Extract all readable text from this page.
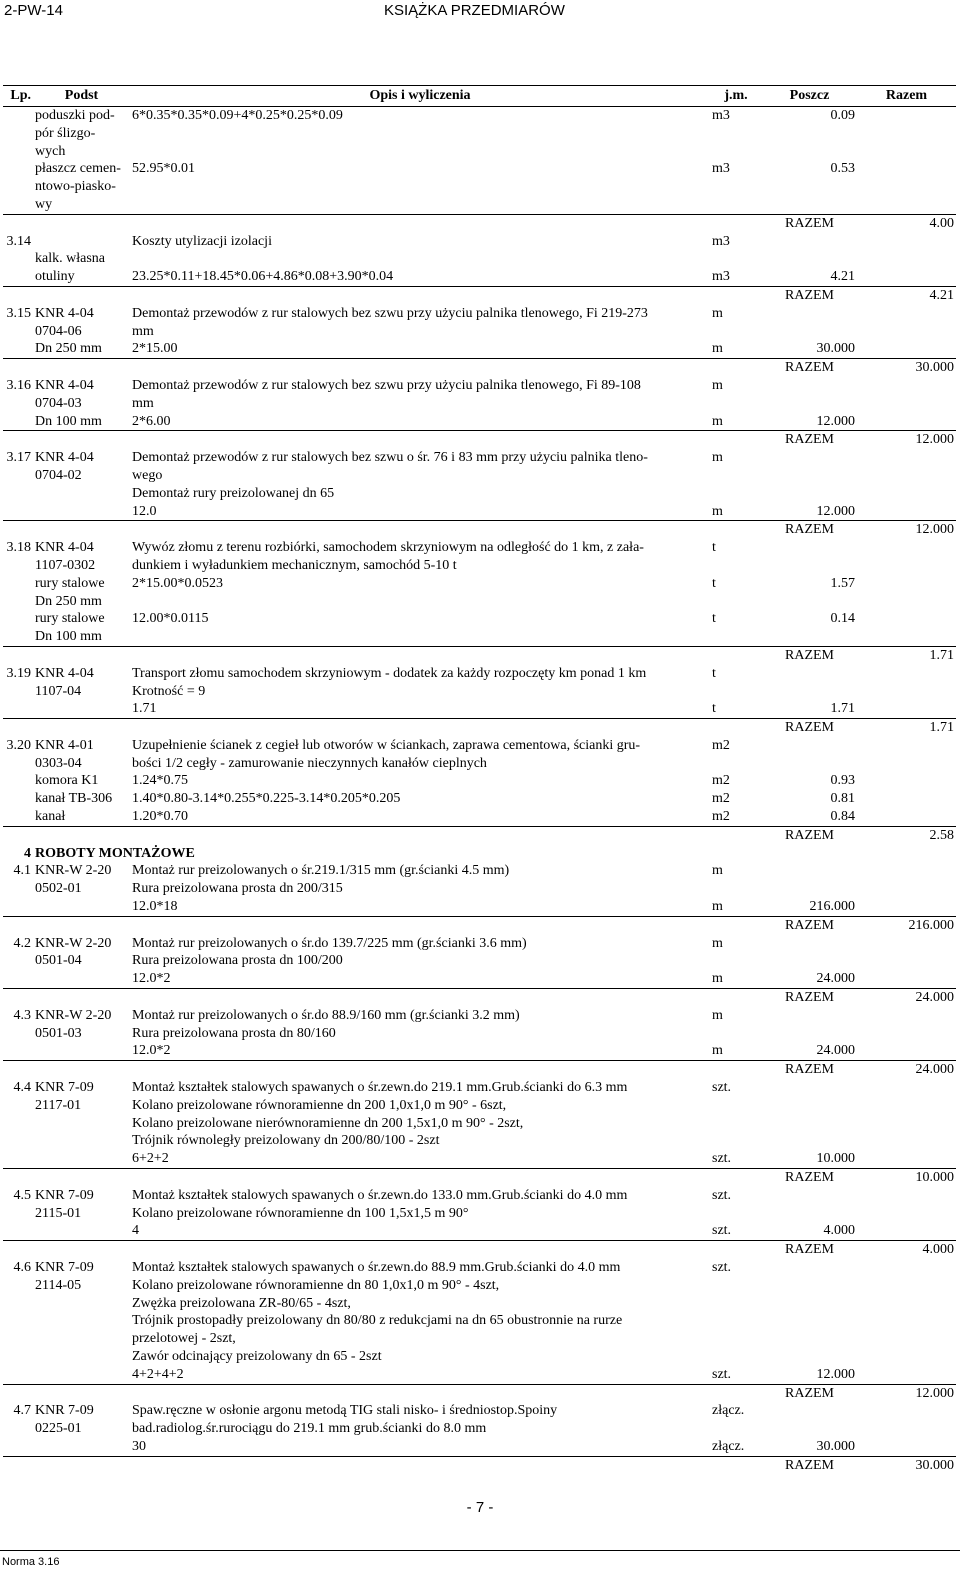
2-PW-14	KSIĄŻKA PRZEDMIARÓW
Lp.	Podst	Opis i wyliczenia	j.m.	Poszcz	Razem
	poduszki pod-	6*0.35*0.35*0.09+4*0.25*0.25*0.09	m3	0.09	
	pór ślizgo-				
	wych				
	płaszcz cemen-	52.95*0.01	m3	0.53	
	ntowo-piasko-				
	wy				
				RAZEM	4.00
3.14		Koszty utylizacji izolacji	m3		
	kalk. własna				
	otuliny	23.25*0.11+18.45*0.06+4.86*0.08+3.90*0.04	m3	4.21	
				RAZEM	4.21
3.15	KNR 4-04	Demontaż przewodów z rur stalowych bez szwu przy użyciu palnika tlenowego, Fi 219-273	m		
	0704-06	mm			
	Dn 250 mm	2*15.00	m	30.000	
				RAZEM	30.000
3.16	KNR 4-04	Demontaż przewodów z rur stalowych bez szwu przy użyciu palnika tlenowego, Fi 89-108	m		
	0704-03	mm			
	Dn 100 mm	2*6.00	m	12.000	
				RAZEM	12.000
3.17	KNR 4-04	Demontaż przewodów z rur stalowych bez szwu o śr. 76 i 83 mm przy użyciu palnika tleno-	m		
	0704-02	wego			
		Demontaż rury preizolowanej dn 65			
		12.0	m	12.000	
				RAZEM	12.000
3.18	KNR 4-04	Wywóz złomu z terenu rozbiórki, samochodem skrzyniowym na odległość do 1 km, z zała-	t		
	1107-0302	dunkiem i wyładunkiem mechanicznym, samochód 5-10 t			
	rury stalowe	2*15.00*0.0523	t	1.57	
	Dn 250 mm				
	rury stalowe	12.00*0.0115	t	0.14	
	Dn 100 mm				
				RAZEM	1.71
3.19	KNR 4-04	Transport złomu samochodem skrzyniowym - dodatek za każdy rozpoczęty km ponad 1 km	t		
	1107-04	Krotność = 9			
		1.71	t	1.71	
				RAZEM	1.71
3.20	KNR 4-01	Uzupełnienie ścianek z cegieł lub otworów w ściankach, zaprawa cementowa, ścianki gru-	m2		
	0303-04	bości 1/2 cegły - zamurowanie nieczynnych kanałów cieplnych			
	komora K1	1.24*0.75	m2	0.93	
	kanał TB-306	1.40*0.80-3.14*0.255*0.225-3.14*0.205*0.205	m2	0.81	
	kanał	1.20*0.70	m2	0.84	
				RAZEM	2.58
4	ROBOTY MONTAŻOWE				
4.1	KNR-W 2-20	Montaż rur preizolowanych o śr.219.1/315 mm (gr.ścianki 4.5 mm)	m		
	0502-01	Rura preizolowana prosta dn 200/315			
		12.0*18	m	216.000	
				RAZEM	216.000
4.2	KNR-W 2-20	Montaż rur preizolowanych o śr.do 139.7/225 mm (gr.ścianki 3.6 mm)	m		
	0501-04	Rura preizolowana prosta dn 100/200			
		12.0*2	m	24.000	
				RAZEM	24.000
4.3	KNR-W 2-20	Montaż rur preizolowanych o śr.do 88.9/160 mm (gr.ścianki 3.2 mm)	m		
	0501-03	Rura preizolowana prosta dn 80/160			
		12.0*2	m	24.000	
				RAZEM	24.000
4.4	KNR 7-09	Montaż kształtek stalowych spawanych o śr.zewn.do 219.1 mm.Grub.ścianki do 6.3 mm	szt.		
	2117-01	Kolano preizolowane równoramienne dn 200 1,0x1,0 m 90° - 6szt,			
		Kolano preizolowane nierównoramienne dn 200 1,5x1,0 m 90° - 2szt,			
		Trójnik równoległy preizolowany dn 200/80/100 - 2szt			
		6+2+2	szt.	10.000	
				RAZEM	10.000
4.5	KNR 7-09	Montaż kształtek stalowych spawanych o śr.zewn.do 133.0 mm.Grub.ścianki do 4.0 mm	szt.		
	2115-01	Kolano preizolowane równoramienne dn 100 1,5x1,5 m 90°			
		4	szt.	4.000	
				RAZEM	4.000
4.6	KNR 7-09	Montaż kształtek stalowych spawanych o śr.zewn.do 88.9 mm.Grub.ścianki do 4.0 mm	szt.		
	2114-05	Kolano preizolowane równoramienne dn 80 1,0x1,0 m 90° - 4szt,			
		Zwężka preizolowana ZR-80/65 - 4szt,			
		Trójnik prostopadły preizolowany dn 80/80 z redukcjami na dn 65 obustronnie na rurze			
		przelotowej - 2szt,			
		Zawór odcinający preizolowany dn 65 - 2szt			
		4+2+4+2	szt.	12.000	
				RAZEM	12.000
4.7	KNR 7-09	Spaw.ręczne w osłonie argonu metodą TIG stali nisko- i średniostop.Spoiny	złącz.		
	0225-01	bad.radiolog.śr.rurociągu do 219.1 mm grub.ścianki do 8.0 mm			
		30	złącz.	30.000	
				RAZEM	30.000
- 7 -
Norma 3.16
